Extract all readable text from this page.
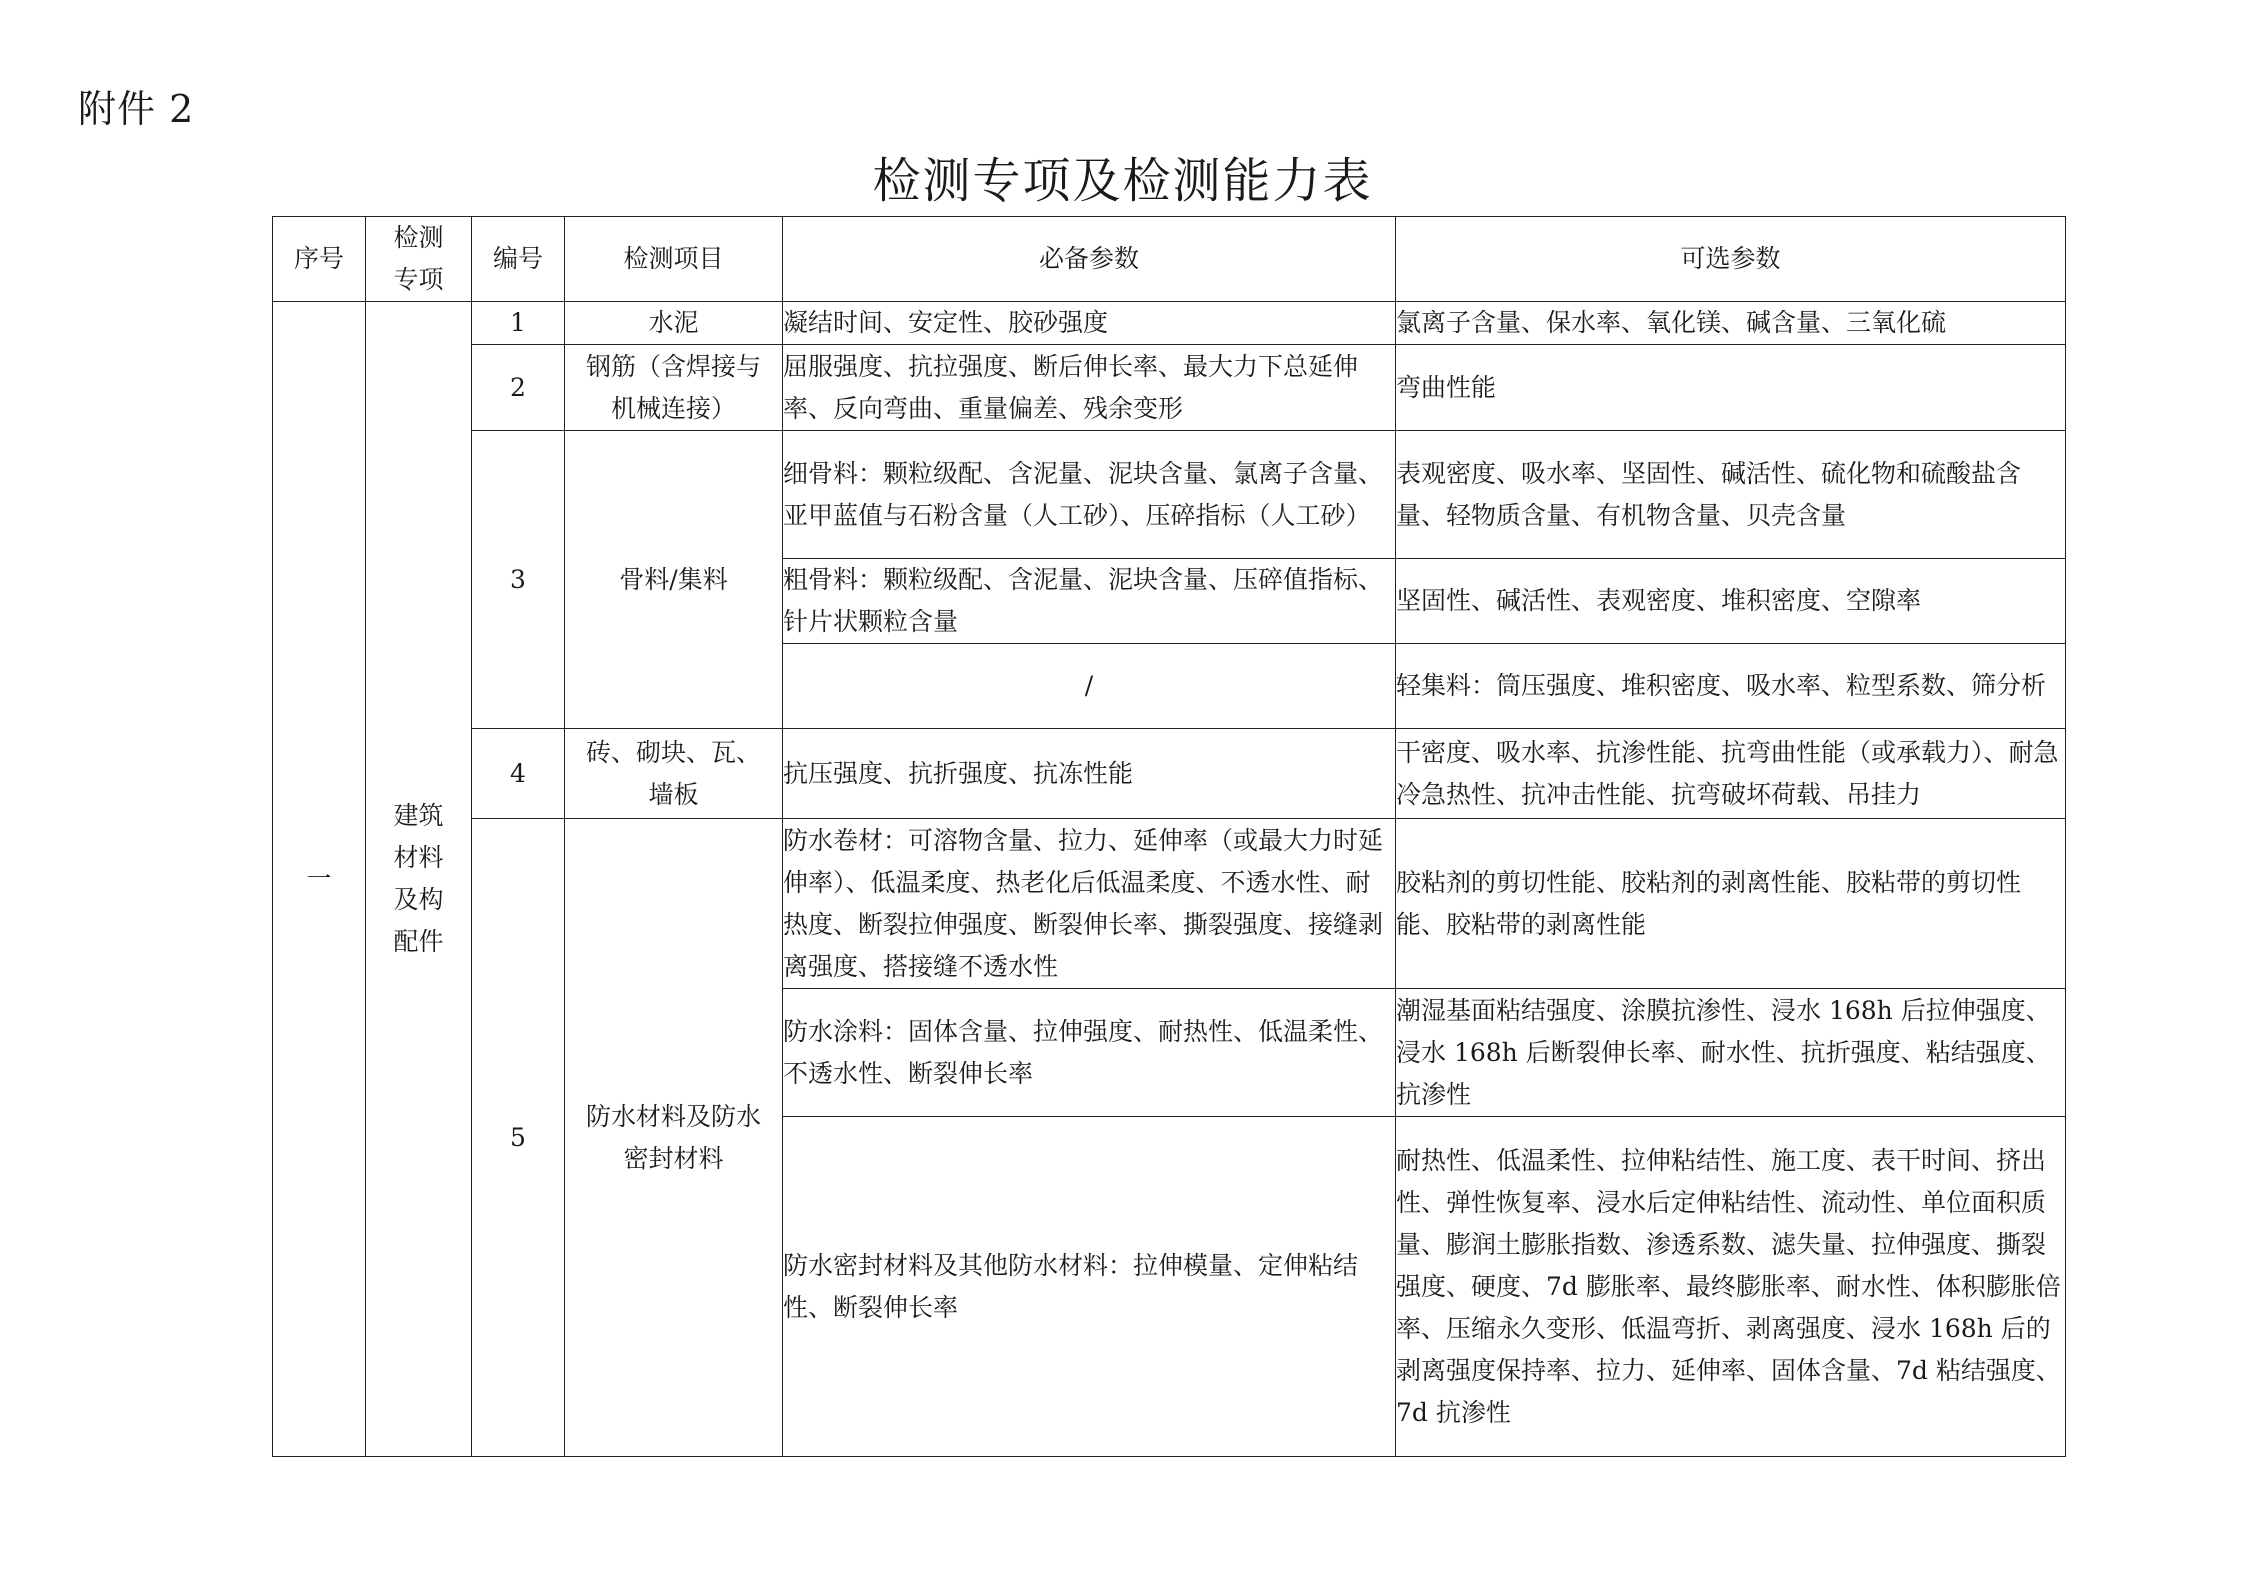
附件 2
检测专项及检测能力表
序号	检测专项	编号	检测项目	必备参数	可选参数
一	建筑材料及构配件	1	水泥	凝结时间、安定性、胶砂强度	氯离子含量、保水率、氧化镁、碱含量、三氧化硫
		2	钢筋（含焊接与机械连接）	屈服强度、抗拉强度、断后伸长率、最大力下总延伸率、反向弯曲、重量偏差、残余变形	弯曲性能
		3	骨料/集料	细骨料：颗粒级配、含泥量、泥块含量、氯离子含量、亚甲蓝值与石粉含量（人工砂）、压碎指标（人工砂）	表观密度、吸水率、坚固性、碱活性、硫化物和硫酸盐含量、轻物质含量、有机物含量、贝壳含量
				粗骨料：颗粒级配、含泥量、泥块含量、压碎值指标、针片状颗粒含量	坚固性、碱活性、表观密度、堆积密度、空隙率
				/	轻集料：筒压强度、堆积密度、吸水率、粒型系数、筛分析
		4	砖、砌块、瓦、墙板	抗压强度、抗折强度、抗冻性能	干密度、吸水率、抗渗性能、抗弯曲性能（或承载力）、耐急冷急热性、抗冲击性能、抗弯破坏荷载、吊挂力
		5	防水材料及防水密封材料	防水卷材：可溶物含量、拉力、延伸率（或最大力时延伸率）、低温柔度、热老化后低温柔度、不透水性、耐热度、断裂拉伸强度、断裂伸长率、撕裂强度、接缝剥离强度、搭接缝不透水性	胶粘剂的剪切性能、胶粘剂的剥离性能、胶粘带的剪切性能、胶粘带的剥离性能
				防水涂料：固体含量、拉伸强度、耐热性、低温柔性、不透水性、断裂伸长率	潮湿基面粘结强度、涂膜抗渗性、浸水 168h 后拉伸强度、浸水 168h 后断裂伸长率、耐水性、抗折强度、粘结强度、抗渗性
				防水密封材料及其他防水材料：拉伸模量、定伸粘结性、断裂伸长率	耐热性、低温柔性、拉伸粘结性、施工度、表干时间、挤出性、弹性恢复率、浸水后定伸粘结性、流动性、单位面积质量、膨润土膨胀指数、渗透系数、滤失量、拉伸强度、撕裂强度、硬度、7d 膨胀率、最终膨胀率、耐水性、体积膨胀倍率、压缩永久变形、低温弯折、剥离强度、浸水 168h 后的剥离强度保持率、拉力、延伸率、固体含量、7d 粘结强度、7d 抗渗性
